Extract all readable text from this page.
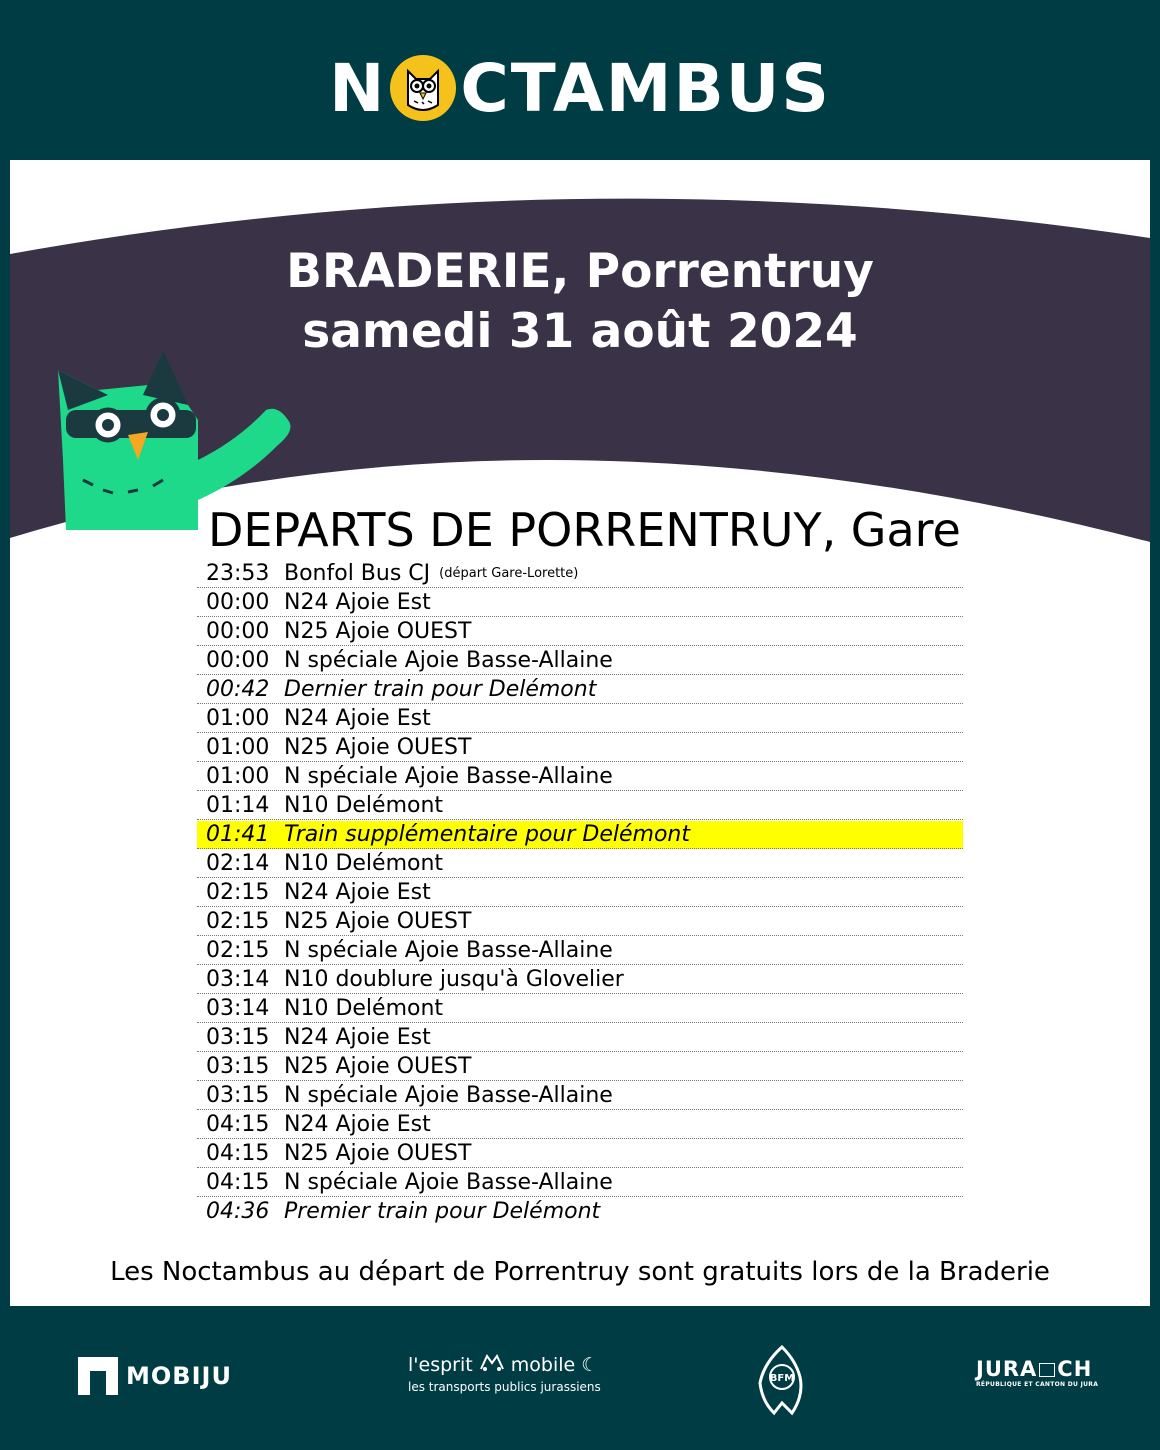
N CTAMBUS
BRADERIE, Porrentruy
samedi 31 août 2024
DEPARTS DE PORRENTRUY, Gare
23:53 Bonfol Bus CJ (départ Gare-Lorette)
00:00 N24 Ajoie Est
00:00 N25 Ajoie OUEST
00:00 N spéciale Ajoie Basse-Allaine
00:42 Dernier train pour Delémont
01:00 N24 Ajoie Est
01:00 N25 Ajoie OUEST
01:00 N spéciale Ajoie Basse-Allaine
01:14 N10 Delémont
01:41 Train supplémentaire pour Delémont
02:14 N10 Delémont
02:15 N24 Ajoie Est
02:15 N25 Ajoie OUEST
02:15 N spéciale Ajoie Basse-Allaine
03:14 N10 doublure jusqu'à Glovelier
03:14 N10 Delémont
03:15 N24 Ajoie Est
03:15 N25 Ajoie OUEST
03:15 N spéciale Ajoie Basse-Allaine
04:15 N24 Ajoie Est
04:15 N25 Ajoie OUEST
04:15 N spéciale Ajoie Basse-Allaine
04:36 Premier train pour Delémont
Les Noctambus au départ de Porrentruy sont gratuits lors de la Braderie
MOBIJU	l'esprit mobile ☾
les transports publics jurassiens
BFM	JURA CH
RÉPUBLIQUE ET CANTON DU JURA
